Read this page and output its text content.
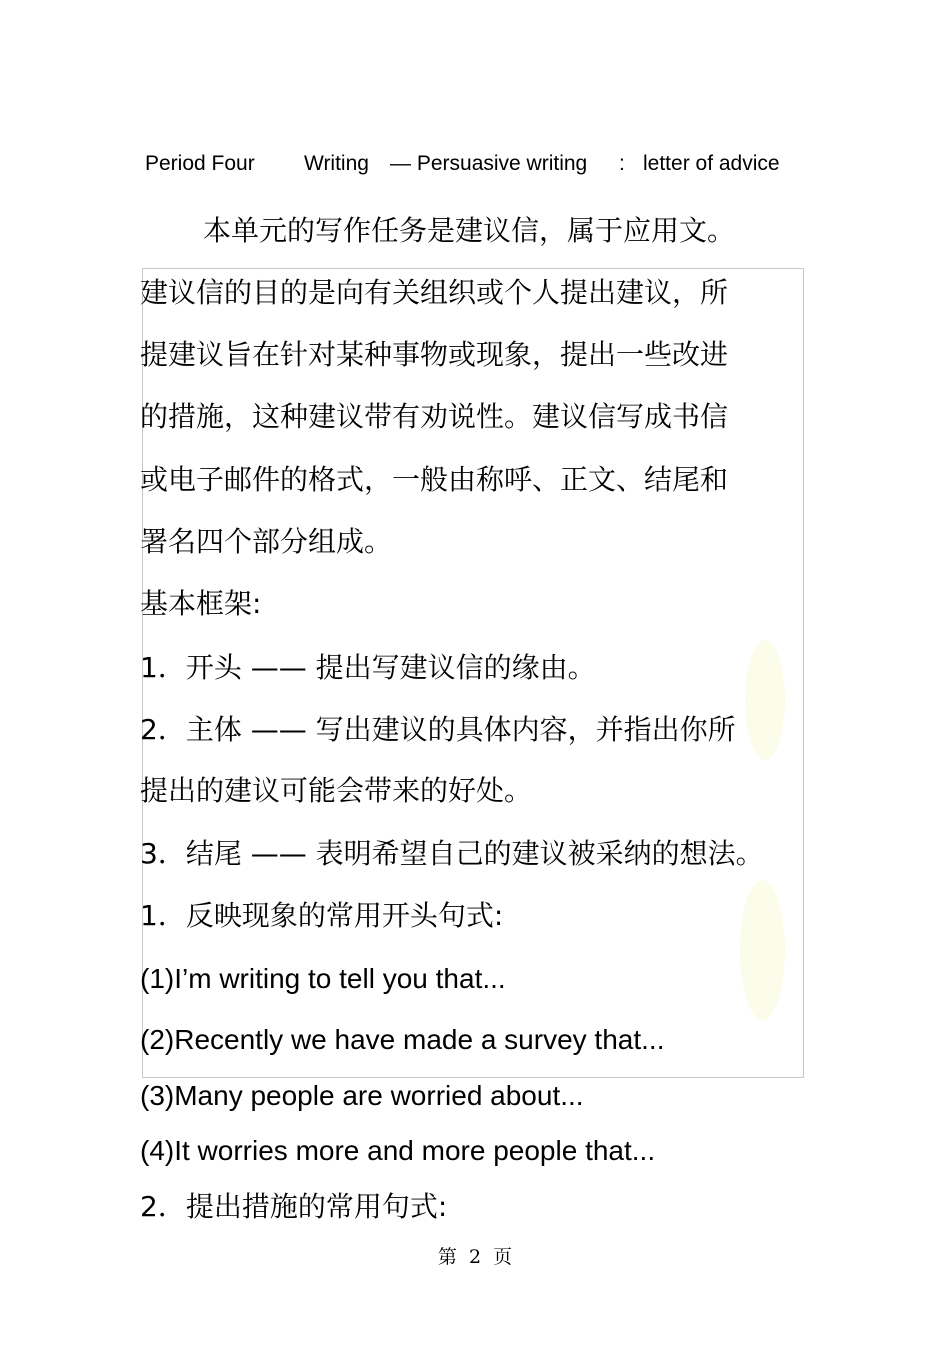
Period Four Writing — Persuasive writing : letter of advice
本单元的写作任务是建议信，属于应用文。
建议信的目的是向有关组织或个人提出建议，所
提建议旨在针对某种事物或现象，提出一些改进
的措施，这种建议带有劝说性。建议信写成书信
或电子邮件的格式，一般由称呼、正文、结尾和
署名四个部分组成。
基本框架:
1．开头 —— 提出写建议信的缘由。
2．主体 —— 写出建议的具体内容，并指出你所
提出的建议可能会带来的好处。
3．结尾 —— 表明希望自己的建议被采纳的想法。
1．反映现象的常用开头句式:
(1)I’m writing to tell you that...
(2)Recently we have made a survey that...
(3)Many people are worried about...
(4)It worries more and more people that...
2．提出措施的常用句式:
第 2 页
